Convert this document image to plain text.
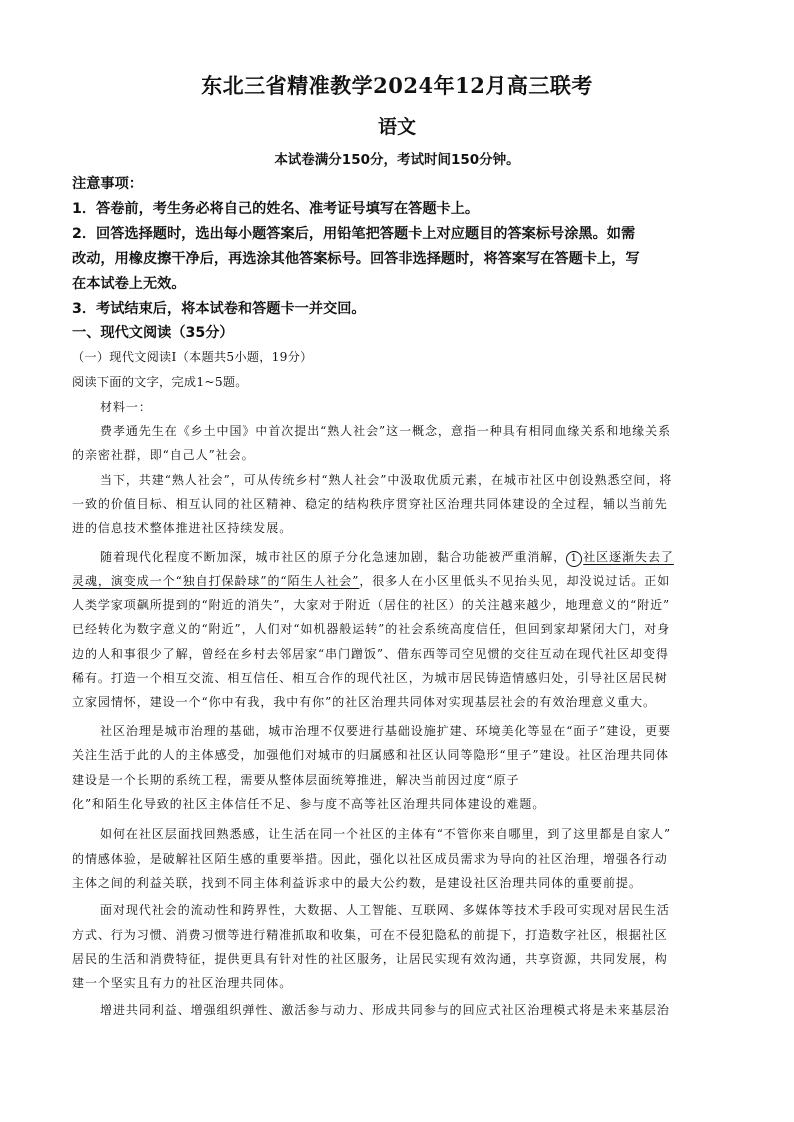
东北三省精准教学2024年12月高三联考
语文
本试卷满分150分，考试时间150分钟。
注意事项：
1．答卷前，考生务必将自己的姓名、准考证号填写在答题卡上。
2．回答选择题时，选出每小题答案后，用铅笔把答题卡上对应题目的答案标号涂黑。如需
改动，用橡皮擦干净后，再选涂其他答案标号。回答非选择题时，将答案写在答题卡上，写
在本试卷上无效。
3．考试结束后，将本试卷和答题卡一并交回。
一、现代文阅读（35分）
（一）现代文阅读I（本题共5小题，19分）
阅读下面的文字，完成1~5题。
材料一：
费孝通先生在《乡土中国》中首次提出“熟人社会”这一概念，意指一种具有相同血缘关系和地缘关系
的亲密社群，即“自己人”社会。
当下，共建“熟人社会”，可从传统乡村“熟人社会”中汲取优质元素，在城市社区中创设熟悉空间，将
一致的价值目标、相互认同的社区精神、稳定的结构秩序贯穿社区治理共同体建设的全过程，辅以当前先
进的信息技术整体推进社区持续发展。
随着现代化程度不断加深，城市社区的原子分化急速加剧，黏合功能被严重消解， 1 社区逐渐失去了
灵魂，演变成一个“独自打保龄球”的“陌生人社会”，很多人在小区里低头不见抬头见，却没说过话。正如
人类学家项飙所提到的“附近的消失”，大家对于附近（居住的社区）的关注越来越少，地理意义的“附近”
已经转化为数字意义的“附近”，人们对“如机器般运转”的社会系统高度信任，但回到家却紧闭大门，对身
边的人和事很少了解，曾经在乡村去邻居家“串门蹭饭”、借东西等司空见惯的交往互动在现代社区却变得
稀有。打造一个相互交流、相互信任、相互合作的现代社区，为城市居民铸造情感归处，引导社区居民树
立家园情怀，建设一个“你中有我，我中有你”的社区治理共同体对实现基层社会的有效治理意义重大。
社区治理是城市治理的基础，城市治理不仅要进行基础设施扩建、环境美化等显在“面子”建设，更要
关注生活于此的人的主体感受，加强他们对城市的归属感和社区认同等隐形“里子”建设。社区治理共同体
建设是一个长期的系统工程，需要从整体层面统筹推进，解决当前因过度“原子
化”和陌生化导致的社区主体信任不足、参与度不高等社区治理共同体建设的难题。
如何在社区层面找回熟悉感，让生活在同一个社区的主体有“不管你来自哪里，到了这里都是自家人”
的情感体验，是破解社区陌生感的重要举措。因此，强化以社区成员需求为导向的社区治理，增强各行动
主体之间的利益关联，找到不同主体利益诉求中的最大公约数，是建设社区治理共同体的重要前提。
面对现代社会的流动性和跨界性，大数据、人工智能、互联网、多媒体等技术手段可实现对居民生活
方式、行为习惯、消费习惯等进行精准抓取和收集，可在不侵犯隐私的前提下，打造数字社区，根据社区
居民的生活和消费特征，提供更具有针对性的社区服务，让居民实现有效沟通，共享资源，共同发展，构
建一个坚实且有力的社区治理共同体。
增进共同利益、增强组织弹性、激活参与动力、形成共同参与的回应式社区治理模式将是未来基层治
